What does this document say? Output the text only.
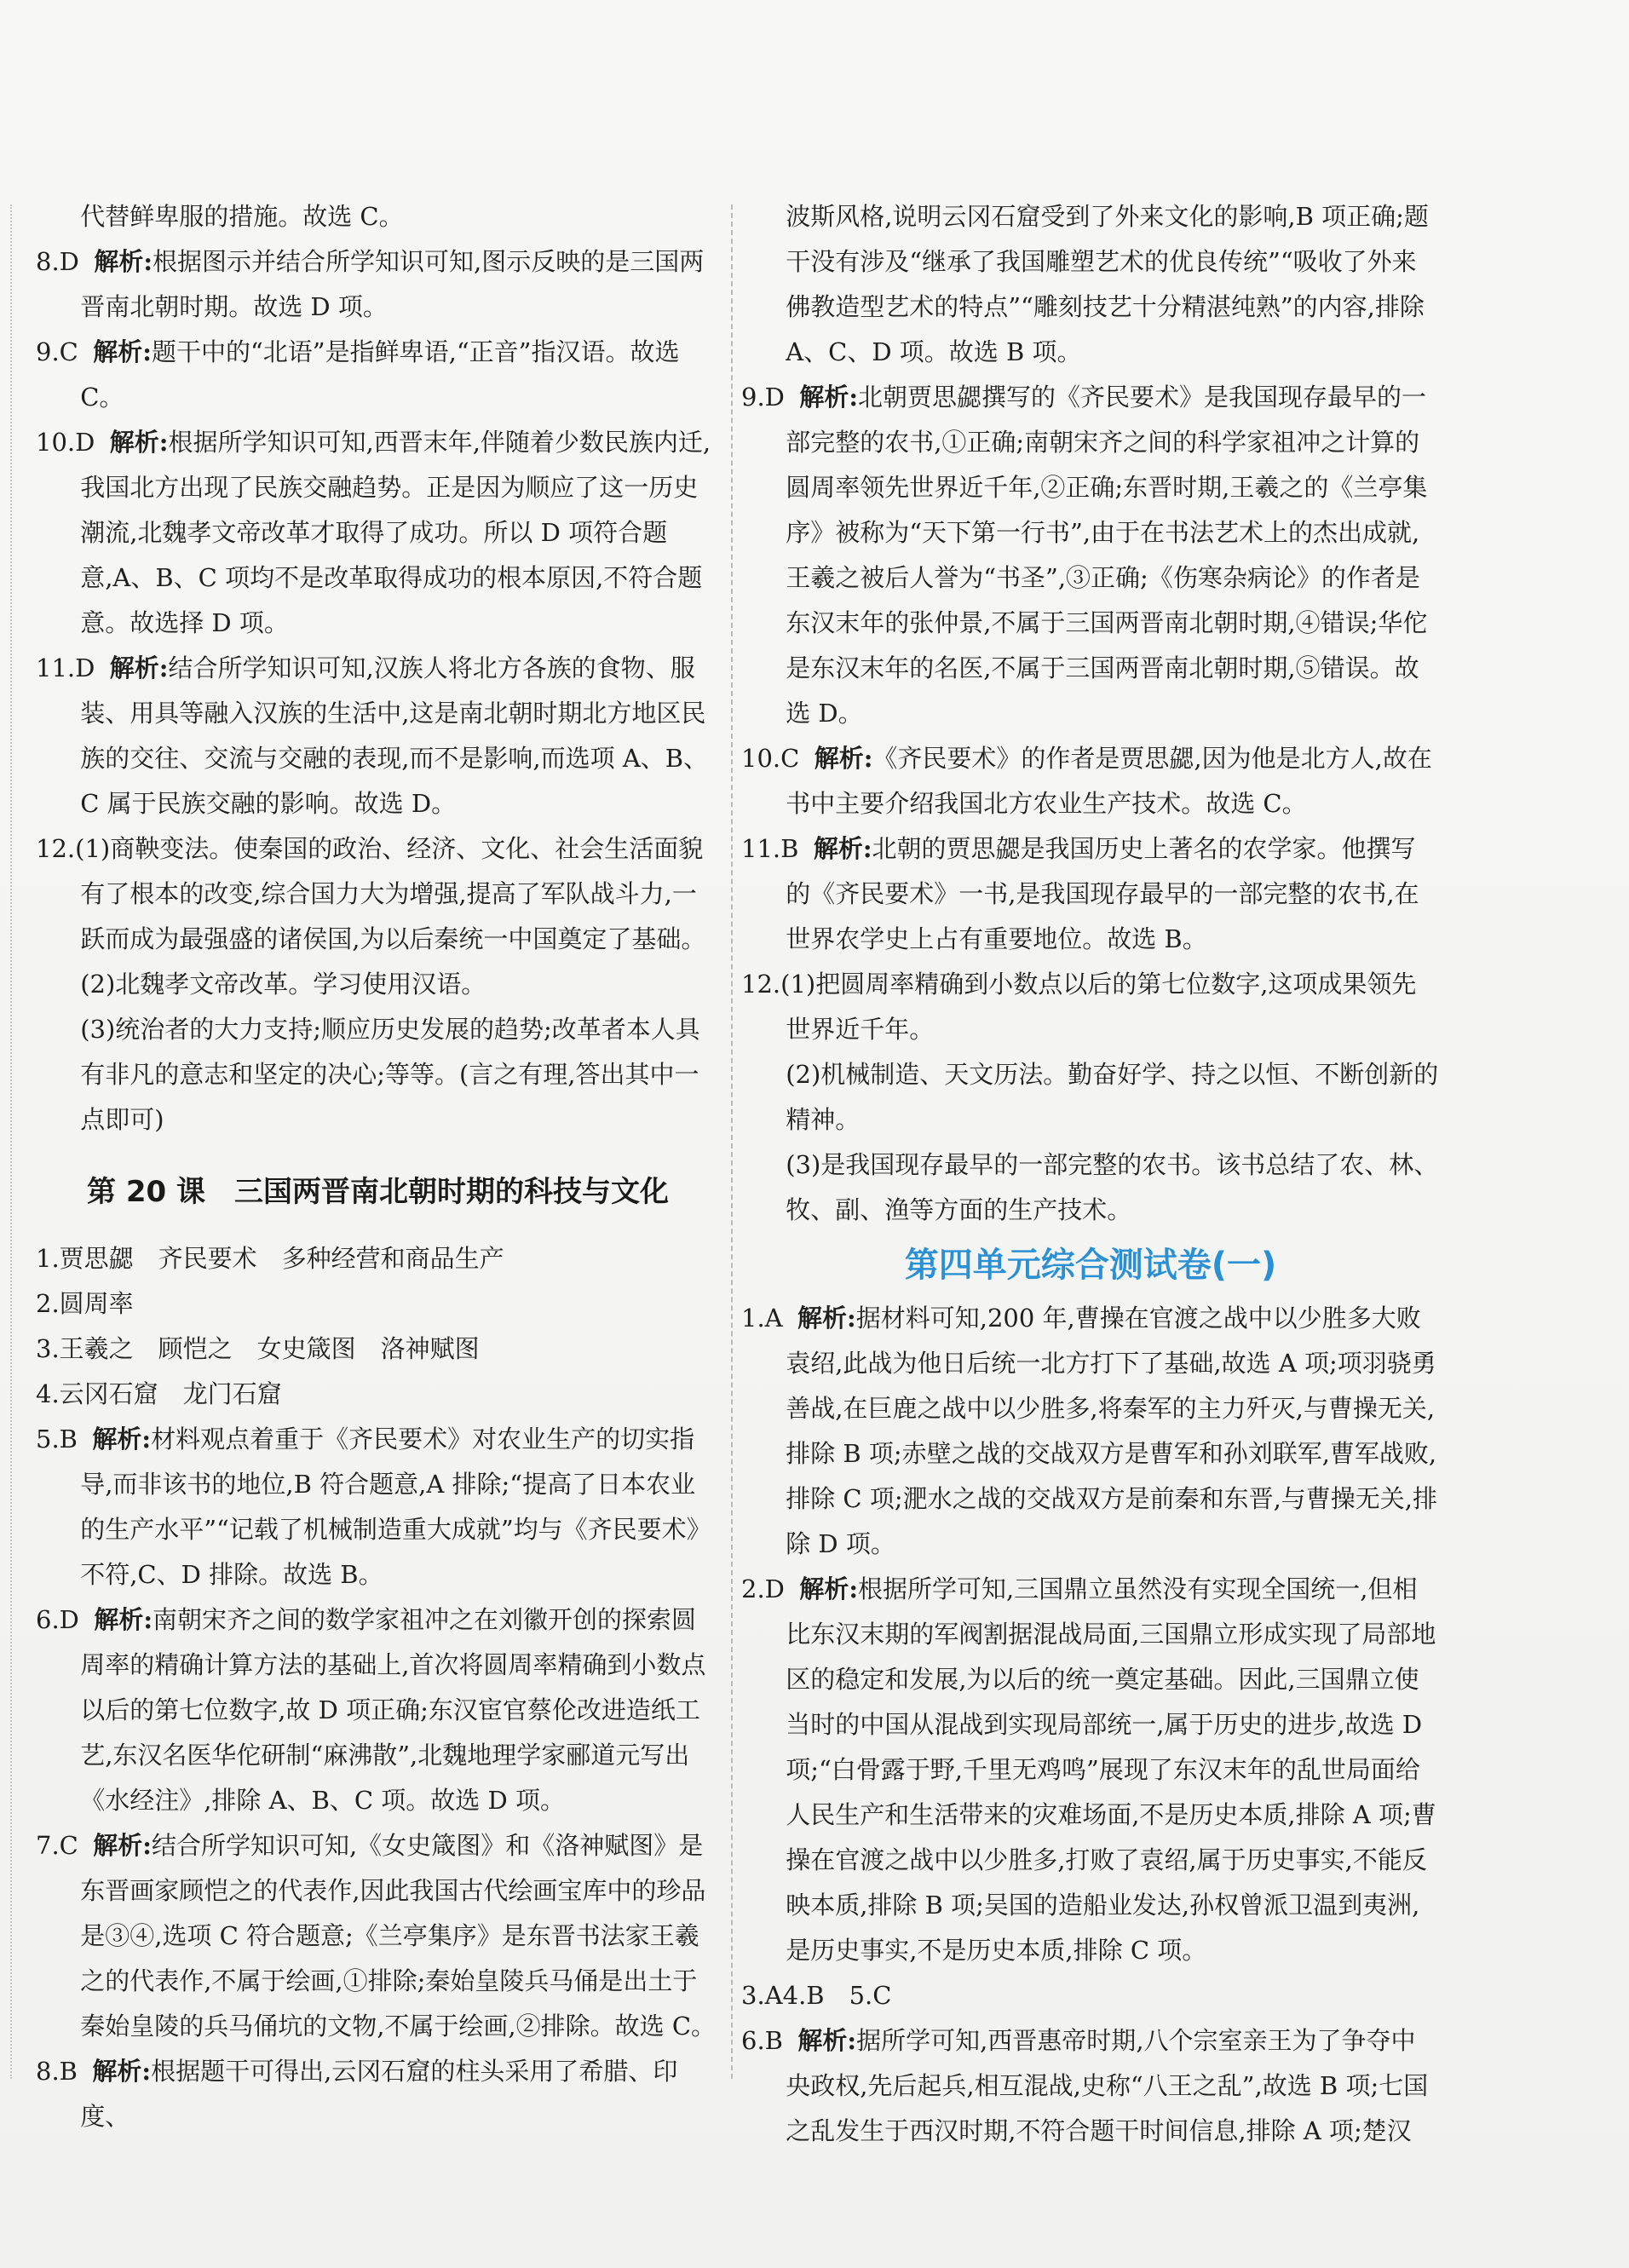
代替鲜卑服的措施。故选 C。

8.D 解析:根据图示并结合所学知识可知,图示反映的是三国两晋南北朝时期。故选 D 项。

9.C 解析:题干中的“北语”是指鲜卑语,“正音”指汉语。故选 C。

10.D 解析:根据所学知识可知,西晋末年,伴随着少数民族内迁,我国北方出现了民族交融趋势。正是因为顺应了这一历史潮流,北魏孝文帝改革才取得了成功。所以 D 项符合题意,A、B、C 项均不是改革取得成功的根本原因,不符合题意。故选择 D 项。

11.D 解析:结合所学知识可知,汉族人将北方各族的食物、服装、用具等融入汉族的生活中,这是南北朝时期北方地区民族的交往、交流与交融的表现,而不是影响,而选项 A、B、C 属于民族交融的影响。故选 D。

12.(1)商鞅变法。使秦国的政治、经济、文化、社会生活面貌有了根本的改变,综合国力大为增强,提高了军队战斗力,一跃而成为最强盛的诸侯国,为以后秦统一中国奠定了基础。

(2)北魏孝文帝改革。学习使用汉语。

(3)统治者的大力支持;顺应历史发展的趋势;改革者本人具有非凡的意志和坚定的决心;等等。(言之有理,答出其中一点即可)

第 20 课　三国两晋南北朝时期的科技与文化

1.贾思勰　齐民要术　多种经营和商品生产

2.圆周率

3.王羲之　顾恺之　女史箴图　洛神赋图

4.云冈石窟　龙门石窟

5.B 解析:材料观点着重于《齐民要术》对农业生产的切实指导,而非该书的地位,B 符合题意,A 排除;“提高了日本农业的生产水平”“记载了机械制造重大成就”均与《齐民要术》不符,C、D 排除。故选 B。

6.D 解析:南朝宋齐之间的数学家祖冲之在刘徽开创的探索圆周率的精确计算方法的基础上,首次将圆周率精确到小数点以后的第七位数字,故 D 项正确;东汉宦官蔡伦改进造纸工艺,东汉名医华佗研制“麻沸散”,北魏地理学家郦道元写出《水经注》,排除 A、B、C 项。故选 D 项。

7.C 解析:结合所学知识可知,《女史箴图》和《洛神赋图》是东晋画家顾恺之的代表作,因此我国古代绘画宝库中的珍品是③④,选项 C 符合题意;《兰亭集序》是东晋书法家王羲之的代表作,不属于绘画,①排除;秦始皇陵兵马俑是出土于秦始皇陵的兵马俑坑的文物,不属于绘画,②排除。故选 C。

8.B 解析:根据题干可得出,云冈石窟的柱头采用了希腊、印度、

波斯风格,说明云冈石窟受到了外来文化的影响,B 项正确;题干没有涉及“继承了我国雕塑艺术的优良传统”“吸收了外来佛教造型艺术的特点”“雕刻技艺十分精湛纯熟”的内容,排除 A、C、D 项。故选 B 项。

9.D 解析:北朝贾思勰撰写的《齐民要术》是我国现存最早的一部完整的农书,①正确;南朝宋齐之间的科学家祖冲之计算的圆周率领先世界近千年,②正确;东晋时期,王羲之的《兰亭集序》被称为“天下第一行书”,由于在书法艺术上的杰出成就,王羲之被后人誉为“书圣”,③正确;《伤寒杂病论》的作者是东汉末年的张仲景,不属于三国两晋南北朝时期,④错误;华佗是东汉末年的名医,不属于三国两晋南北朝时期,⑤错误。故选 D。

10.C 解析:《齐民要术》的作者是贾思勰,因为他是北方人,故在书中主要介绍我国北方农业生产技术。故选 C。

11.B 解析:北朝的贾思勰是我国历史上著名的农学家。他撰写的《齐民要术》一书,是我国现存最早的一部完整的农书,在世界农学史上占有重要地位。故选 B。

12.(1)把圆周率精确到小数点以后的第七位数字,这项成果领先世界近千年。

(2)机械制造、天文历法。勤奋好学、持之以恒、不断创新的精神。

(3)是我国现存最早的一部完整的农书。该书总结了农、林、牧、副、渔等方面的生产技术。

第四单元综合测试卷(一)

1.A 解析:据材料可知,200 年,曹操在官渡之战中以少胜多大败袁绍,此战为他日后统一北方打下了基础,故选 A 项;项羽骁勇善战,在巨鹿之战中以少胜多,将秦军的主力歼灭,与曹操无关,排除 B 项;赤壁之战的交战双方是曹军和孙刘联军,曹军战败,排除 C 项;淝水之战的交战双方是前秦和东晋,与曹操无关,排除 D 项。

2.D 解析:根据所学可知,三国鼎立虽然没有实现全国统一,但相比东汉末期的军阀割据混战局面,三国鼎立形成实现了局部地区的稳定和发展,为以后的统一奠定基础。因此,三国鼎立使当时的中国从混战到实现局部统一,属于历史的进步,故选 D 项;“白骨露于野,千里无鸡鸣”展现了东汉末年的乱世局面给人民生产和生活带来的灾难场面,不是历史本质,排除 A 项;曹操在官渡之战中以少胜多,打败了袁绍,属于历史事实,不能反映本质,排除 B 项;吴国的造船业发达,孙权曾派卫温到夷洲,是历史事实,不是历史本质,排除 C 项。

3.A4.B　5.C

6.B 解析:据所学可知,西晋惠帝时期,八个宗室亲王为了争夺中央政权,先后起兵,相互混战,史称“八王之乱”,故选 B 项;七国之乱发生于西汉时期,不符合题干时间信息,排除 A 项;楚汉
